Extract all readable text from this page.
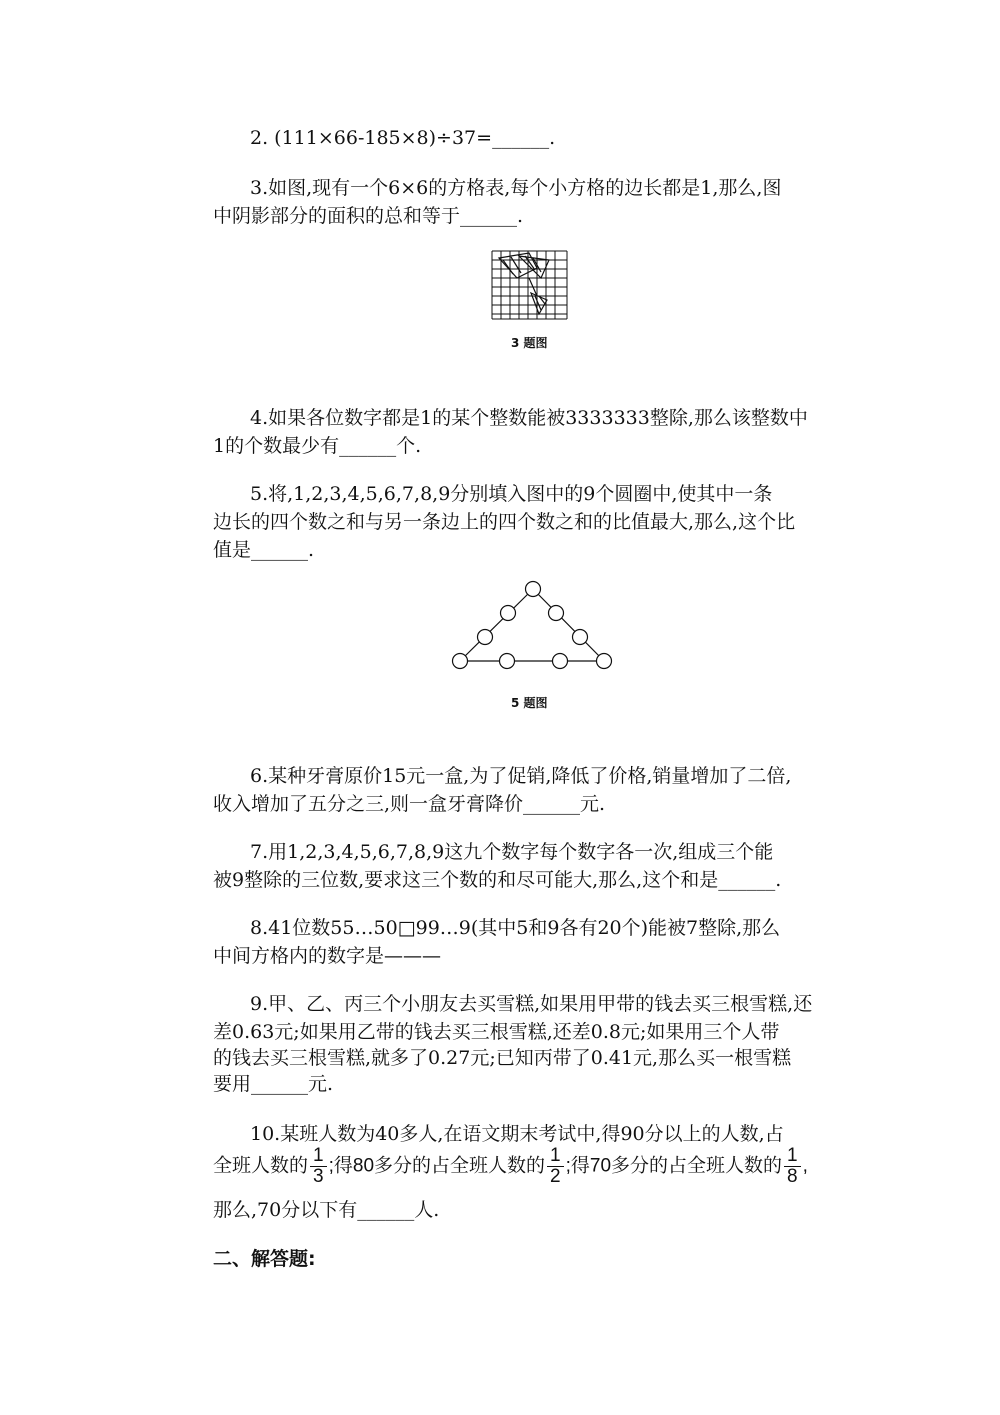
2. (111×66-185×8)÷37=______.
3.如图,现有一个6×6的方格表,每个小方格的边长都是1,那么,图
中阴影部分的面积的总和等于______.
3 题图
4.如果各位数字都是1的某个整数能被3333333整除,那么该整数中
1的个数最少有______个.
5.将,1,2,3,4,5,6,7,8,9分别填入图中的9个圆圈中,使其中一条
边长的四个数之和与另一条边上的四个数之和的比值最大,那么,这个比
值是______.
5 题图
6.某种牙膏原价15元一盒,为了促销,降低了价格,销量增加了二倍,
收入增加了五分之三,则一盒牙膏降价______元.
7.用1,2,3,4,5,6,7,8,9这九个数字每个数字各一次,组成三个能
被9整除的三位数,要求这三个数的和尽可能大,那么,这个和是______.
8.41位数55…50□99…9(其中5和9各有20个)能被7整除,那么
中间方格内的数字是———
9.甲、乙、丙三个小朋友去买雪糕,如果用甲带的钱去买三根雪糕,还
差0.63元;如果用乙带的钱去买三根雪糕,还差0.8元;如果用三个人带
的钱去买三根雪糕,就多了0.27元;已知丙带了0.41元,那么买一根雪糕
要用______元.
10.某班人数为40多人,在语文期末考试中,得90分以上的人数,占
全班人数的 $\frac{1}{3}$ ;得80多分的占全班人数的 $\frac{1}{2}$ ;得70多分的占全班人数的 $\frac{1}{8}$ ,
那么,70分以下有______人.
二、解答题:
